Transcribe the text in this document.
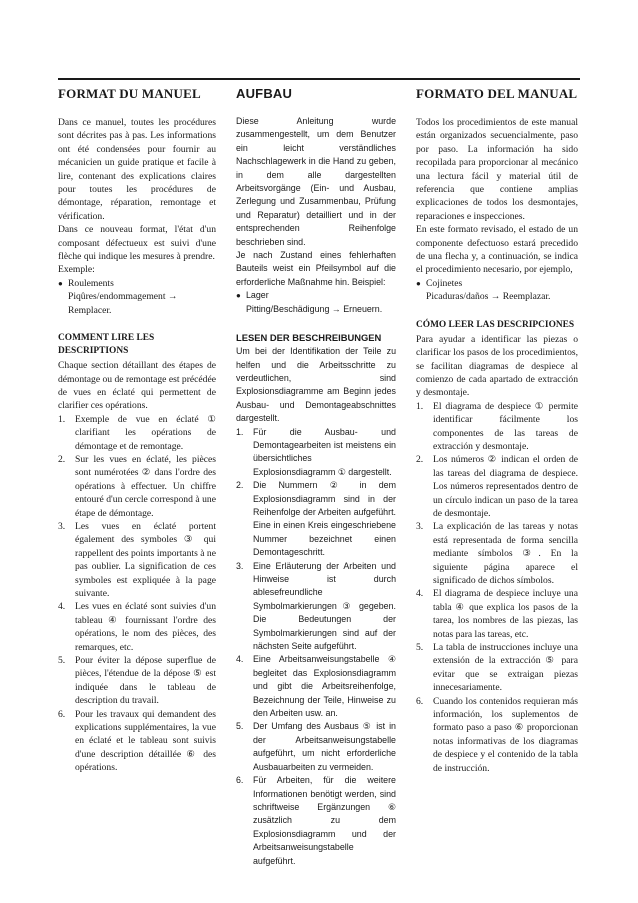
FORMAT DU MANUEL

Dans ce manuel, toutes les procédures sont décrites pas à pas. Les informations ont été condensées pour fournir au mécanicien un guide pratique et facile à lire, contenant des explications claires pour toutes les procédures de démontage, réparation, remontage et vérification.

Dans ce nouveau format, l'état d'un composant défectueux est suivi d'une flèche qui indique les mesures à prendre.

Exemple:

● Roulements

Piqûres/endommagement → Remplacer.

COMMENT LIRE LES DESCRIPTIONS

Chaque section détaillant des étapes de démontage ou de remontage est précédée de vues en éclaté qui permettent de clarifier ces opérations.

1.	Exemple de vue en éclaté ① clarifiant les opérations de démontage et de remontage.
2.	Sur les vues en éclaté, les pièces sont numérotées ② dans l'ordre des opérations à effectuer. Un chiffre entouré d'un cercle correspond à une étape de démontage.
3.	Les vues en éclaté portent également des symboles ③ qui rappellent des points importants à ne pas oublier. La signification de ces symboles est expliquée à la page suivante.
4.	Les vues en éclaté sont suivies d'un tableau ④ fournissant l'ordre des opérations, le nom des pièces, des remarques, etc.
5.	Pour éviter la dépose superflue de pièces, l'étendue de la dépose ⑤ est indiquée dans le tableau de description du travail.
6.	Pour les travaux qui demandent des explications supplémentaires, la vue en éclaté et le tableau sont suivis d'une description détaillée ⑥ des opérations.
AUFBAU

Diese Anleitung wurde zusammengestellt, um dem Benutzer ein leicht verständliches Nachschlagewerk in die Hand zu geben, in dem alle dargestellten Arbeitsvorgänge (Ein- und Ausbau, Zerlegung und Zusammenbau, Prüfung und Reparatur) detailliert und in der entsprechenden Reihenfolge beschrieben sind.

Je nach Zustand eines fehlerhaften Bauteils weist ein Pfeilsymbol auf die erforderliche Maßnahme hin. Beispiel:

● Lager

Pitting/Beschädigung → Erneuern.

LESEN DER BESCHREIBUNGEN

Um bei der Identifikation der Teile zu helfen und die Arbeitsschritte zu verdeutlichen, sind Explosionsdiagramme am Beginn jedes Ausbau- und Demontageabschnittes dargestellt.

1.	Für die Ausbau- und Demontagearbeiten ist meistens ein übersichtliches Explosionsdiagramm ① dargestellt.
2.	Die Nummern ② in dem Explosionsdiagramm sind in der Reihenfolge der Arbeiten aufgeführt. Eine in einen Kreis eingeschriebene Nummer bezeichnet einen Demontageschritt.
3.	Eine Erläuterung der Arbeiten und Hinweise ist durch ablesefreundliche Symbolmarkierungen ③ gegeben. Die Bedeutungen der Symbolmarkierungen sind auf der nächsten Seite aufgeführt.
4.	Eine Arbeitsanweisungstabelle ④ begleitet das Explosionsdiagramm und gibt die Arbeitsreihenfolge, Bezeichnung der Teile, Hinweise zu den Arbeiten usw. an.
5.	Der Umfang des Ausbaus ⑤ ist in der Arbeitsanweisungstabelle aufgeführt, um nicht erforderliche Ausbauarbeiten zu vermeiden.
6.	Für Arbeiten, für die weitere Informationen benötigt werden, sind schriftweise Ergänzungen ⑥ zusätzlich zu dem Explosionsdiagramm und der Arbeitsanweisungstabelle aufgeführt.
FORMATO DEL MANUAL

Todos los procedimientos de este manual están organizados secuencialmente, paso por paso. La información ha sido recopilada para proporcionar al mecánico una lectura fácil y material útil de referencia que contiene amplias explicaciones de todos los desmontajes, reparaciones e inspecciones.

En este formato revisado, el estado de un componente defectuoso estará precedido de una flecha y, a continuación, se indica el procedimiento necesario, por ejemplo,

● Cojinetes

Picaduras/daños → Reemplazar.

CÓMO LEER LAS DESCRIPCIONES

Para ayudar a identificar las piezas o clarificar los pasos de los procedimientos, se facilitan diagramas de despiece al comienzo de cada apartado de extracción y desmontaje.

1.	El diagrama de despiece ① permite identificar fácilmente los componentes de las tareas de extracción y desmontaje.
2.	Los números ② indican el orden de las tareas del diagrama de despiece. Los números representados dentro de un círculo indican un paso de la tarea de desmontaje.
3.	La explicación de las tareas y notas está representada de forma sencilla mediante símbolos ③. En la siguiente página aparece el significado de dichos símbolos.
4.	El diagrama de despiece incluye una tabla ④ que explica los pasos de la tarea, los nombres de las piezas, las notas para las tareas, etc.
5.	La tabla de instrucciones incluye una extensión de la extracción ⑤ para evitar que se extraigan piezas innecesariamente.
6.	Cuando los contenidos requieran más información, los suplementos de formato paso a paso ⑥ proporcionan notas informativas de los diagramas de despiece y el contenido de la tabla de instrucción.
